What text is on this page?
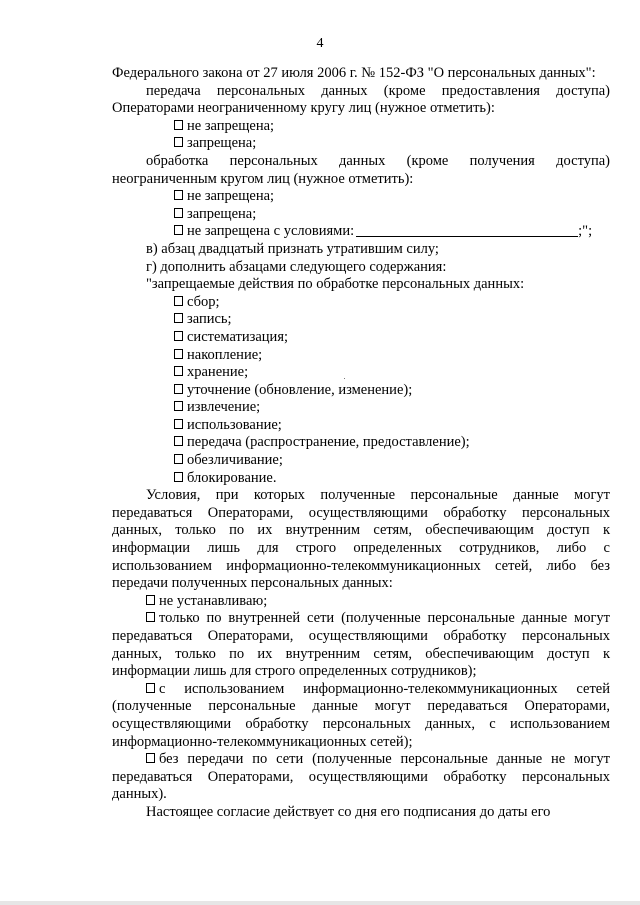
4

Федерального закона от 27 июля 2006 г. № 152-ФЗ "О персональных данных":

передача персональных данных (кроме предоставления доступа) Операторами неограниченному кругу лиц (нужное отметить):

не запрещена;

запрещена;

обработка персональных данных (кроме получения доступа) неограниченным кругом лиц (нужное отметить):

не запрещена;

запрещена;

не запрещена с условиями:	;";

в) абзац двадцатый признать утратившим силу;

г) дополнить абзацами следующего содержания:

"запрещаемые действия по обработке персональных данных:

сбор;

запись;

систематизация;

накопление;

хранение;

уточнение (обновление, изменение);

извлечение;

использование;

передача (распространение, предоставление);

обезличивание;

блокирование.

Условия, при которых полученные персональные данные могут передаваться Операторами, осуществляющими обработку персональных данных, только по их внутренним сетям, обеспечивающим доступ к информации лишь для строго определенных сотрудников, либо с использованием информационно-телекоммуникационных сетей, либо без передачи полученных персональных данных:

не устанавливаю;

только по внутренней сети (полученные персональные данные могут передаваться Операторами, осуществляющими обработку персональных данных, только по их внутренним сетям, обеспечивающим доступ к информации лишь для строго определенных сотрудников);

с использованием информационно-телекоммуникационных сетей (полученные персональные данные могут передаваться Операторами, осуществляющими обработку персональных данных, с использованием информационно-телекоммуникационных сетей);

без передачи по сети (полученные персональные данные не могут передаваться Операторами, осуществляющими обработку персональных данных).

Настоящее согласие действует со дня его подписания до даты его
